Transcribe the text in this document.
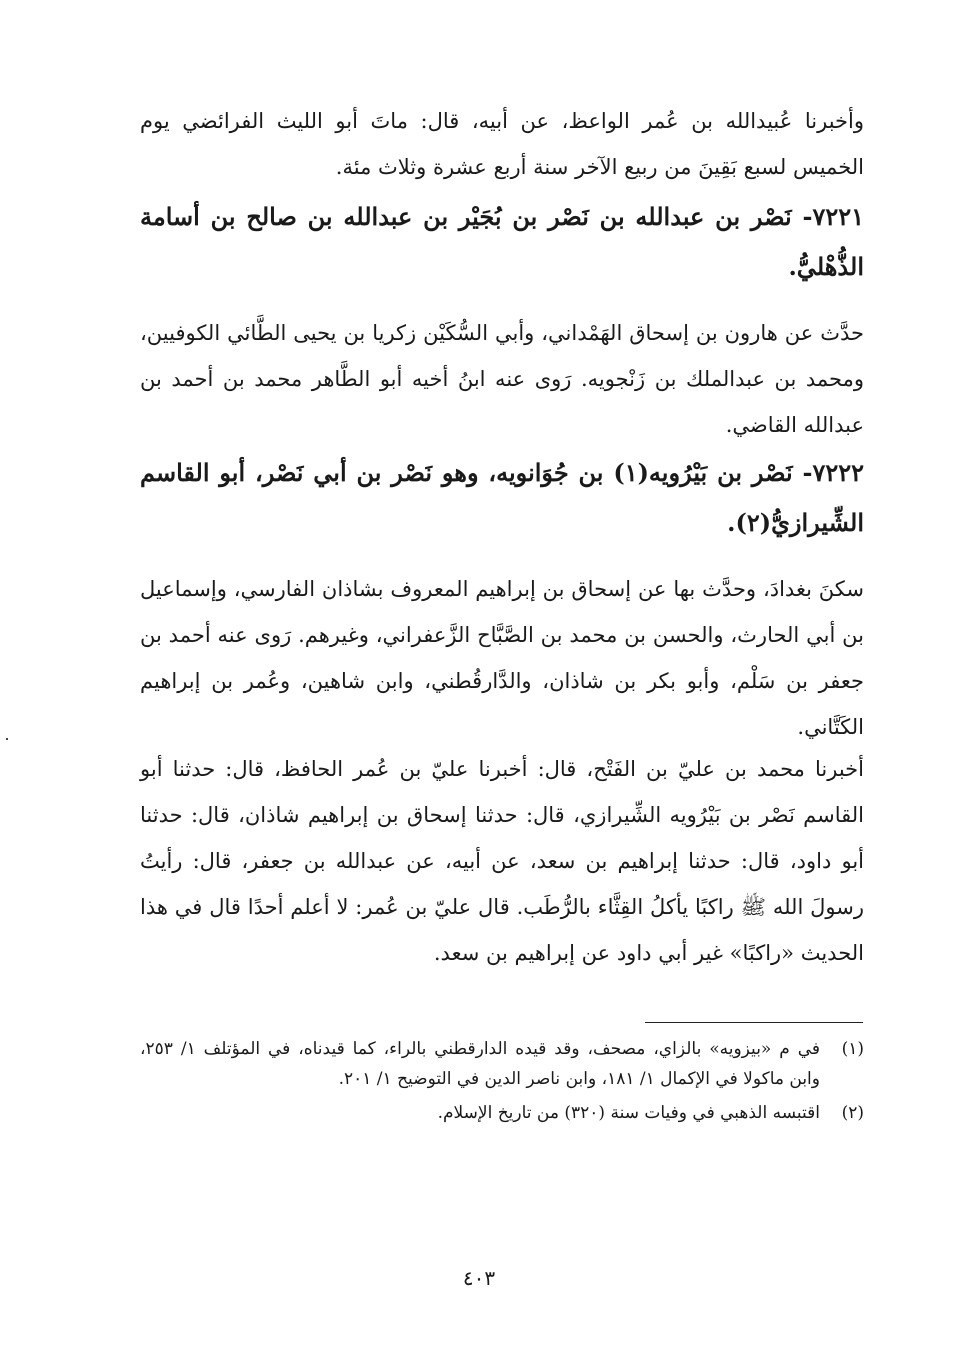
وأخبرنا عُبيدالله بن عُمر الواعظ، عن أبيه، قال: ماتَ أبو الليث الفرائضي يوم الخميس لسبع بَقِينَ من ربيع الآخر سنة أربع عشرة وثلاث مئة.
٧٢٢١- نَصْر بن عبدالله بن نَصْر بن بُجَيْر بن عبدالله بن صالح بن أسامة الذُّهْليُّ.
حدَّث عن هارون بن إسحاق الهَمْداني، وأبي السُّكَيْن زكريا بن يحيى الطَّائي الكوفيين، ومحمد بن عبدالملك بن زَنْجويه. رَوى عنه ابنُ أخيه أبو الطَّاهر محمد بن أحمد بن عبدالله القاضي.
٧٢٢٢- نَصْر بن بَيْرُويه(١) بن جُوَانويه، وهو نَصْر بن أبي نَصْر، أبو القاسم الشِّيرازيُّ(٢).
سكنَ بغدادَ، وحدَّث بها عن إسحاق بن إبراهيم المعروف بشاذان الفارسي، وإسماعيل بن أبي الحارث، والحسن بن محمد بن الصَّبَّاح الزَّعفراني، وغيرهم. رَوى عنه أحمد بن جعفر بن سَلْم، وأبو بكر بن شاذان، والدَّارقُطني، وابن شاهين، وعُمر بن إبراهيم الكَتَّاني.
أخبرنا محمد بن عليّ بن الفَتْح، قال: أخبرنا عليّ بن عُمر الحافظ، قال: حدثنا أبو القاسم نَصْر بن بَيْرُويه الشِّيرازي، قال: حدثنا إسحاق بن إبراهيم شاذان، قال: حدثنا أبو داود، قال: حدثنا إبراهيم بن سعد، عن أبيه، عن عبدالله بن جعفر، قال: رأيتُ رسولَ الله ﷺ راكبًا يأكلُ القِثَّاء بالرُّطَب. قال عليّ بن عُمر: لا أعلم أحدًا قال في هذا الحديث «راكبًا» غير أبي داود عن إبراهيم بن سعد.
(١)
في م «بيزويه» بالزاي، مصحف، وقد قيده الدارقطني بالراء، كما قيدناه، في المؤتلف ١/ ٢٥٣، وابن ماكولا في الإكمال ١/ ١٨١، وابن ناصر الدين في التوضيح ١/ ٢٠١.
(٢)
اقتبسه الذهبي في وفيات سنة (٣٢٠) من تاريخ الإسلام.
٤٠٣
